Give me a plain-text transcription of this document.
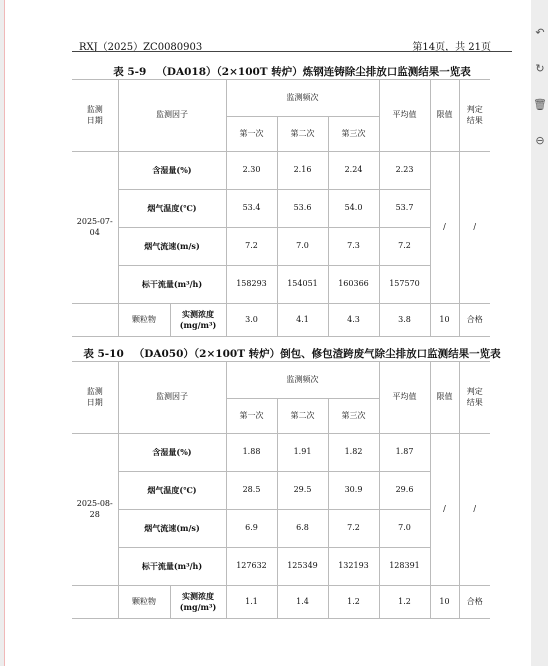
RXJ（2025）ZC0080903	第14页，共 21页
表 5-9 （DA018）（2×100T 转炉）炼钢连铸除尘排放口监测结果一览表
监测日期	监测因子		监测频次			平均值	限值	判定结果
			第一次	第二次	第三次			
2025-07-04	含湿量(%)		2.30	2.16	2.24	2.23	/	/
	烟气温度(℃)		53.4	53.6	54.0	53.7		
	烟气流速(m/s)		7.2	7.0	7.3	7.2		
	标干流量(m³/h)		158293	154051	160366	157570		
	颗粒物	实测浓度(mg/m³)	3.0	4.1	4.3	3.8	10	合格
表 5-10 （DA050）（2×100T 转炉）倒包、修包渣跨废气除尘排放口监测结果一览表
监测日期	监测因子		监测频次			平均值	限值	判定结果
			第一次	第二次	第三次			
2025-08-28	含湿量(%)		1.88	1.91	1.82	1.87	/	/
	烟气温度(℃)		28.5	29.5	30.9	29.6		
	烟气流速(m/s)		6.9	6.8	7.2	7.0		
	标干流量(m³/h)		127632	125349	132193	128391		
	颗粒物	实测浓度(mg/m³)	1.1	1.4	1.2	1.2	10	合格
↶
↻
🗑
⊖
